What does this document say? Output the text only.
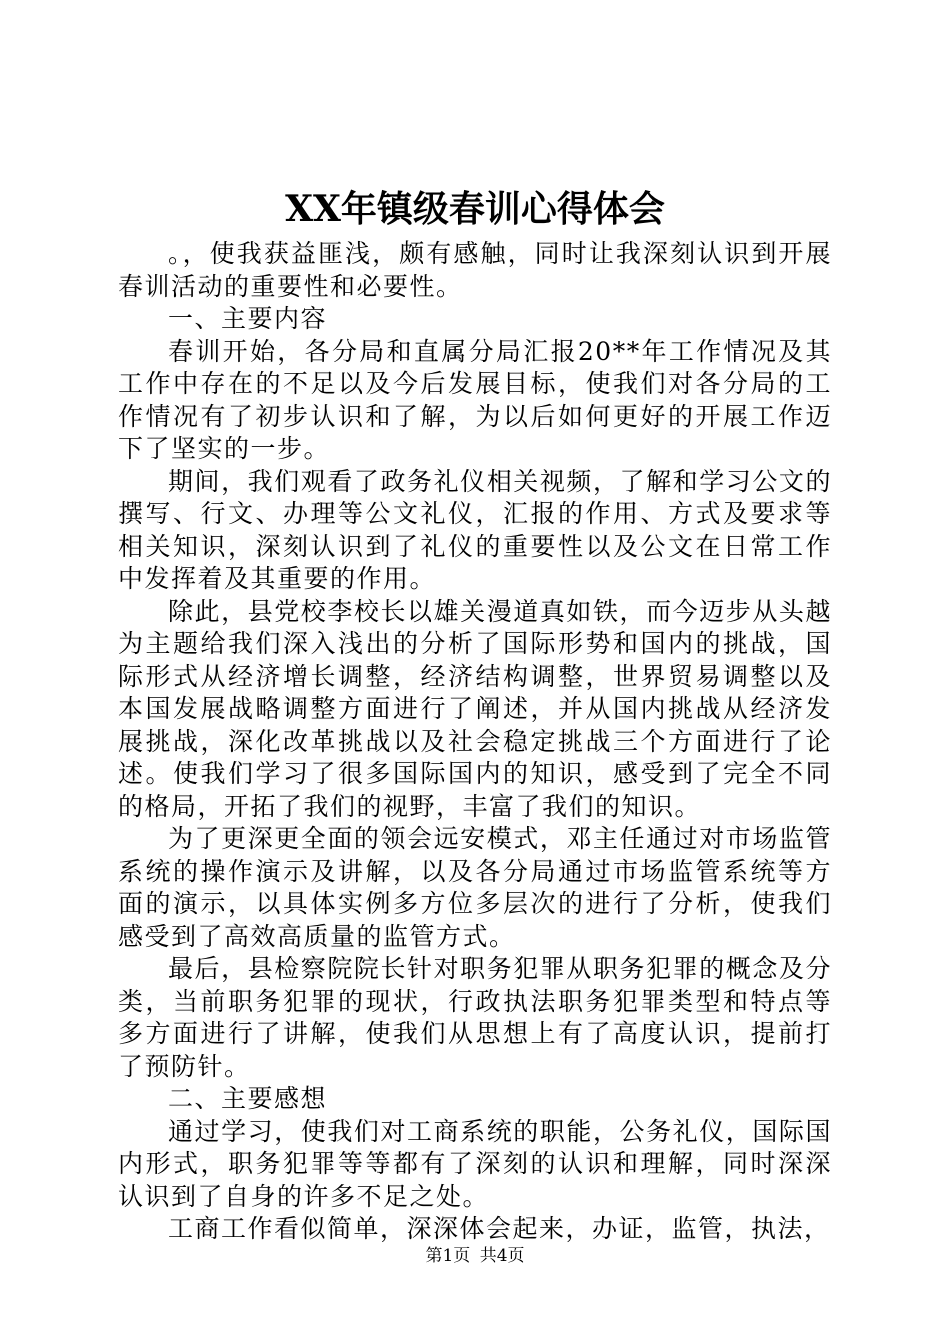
XX年镇级春训心得体会

。，使我获益匪浅，颇有感触，同时让我深刻认识到开展春训活动的重要性和必要性。

一、主要内容

春训开始，各分局和直属分局汇报20**年工作情况及其工作中存在的不足以及今后发展目标，使我们对各分局的工作情况有了初步认识和了解，为以后如何更好的开展工作迈下了坚实的一步。

期间，我们观看了政务礼仪相关视频，了解和学习公文的撰写、行文、办理等公文礼仪，汇报的作用、方式及要求等相关知识，深刻认识到了礼仪的重要性以及公文在日常工作中发挥着及其重要的作用。

除此，县党校李校长以雄关漫道真如铁，而今迈步从头越为主题给我们深入浅出的分析了国际形势和国内的挑战，国际形式从经济增长调整，经济结构调整，世界贸易调整以及本国发展战略调整方面进行了阐述，并从国内挑战从经济发展挑战，深化改革挑战以及社会稳定挑战三个方面进行了论述。使我们学习了很多国际国内的知识，感受到了完全不同的格局，开拓了我们的视野，丰富了我们的知识。

为了更深更全面的领会远安模式，邓主任通过对市场监管系统的操作演示及讲解，以及各分局通过市场监管系统等方面的演示，以具体实例多方位多层次的进行了分析，使我们感受到了高效高质量的监管方式。

最后，县检察院院长针对职务犯罪从职务犯罪的概念及分类，当前职务犯罪的现状，行政执法职务犯罪类型和特点等多方面进行了讲解，使我们从思想上有了高度认识，提前打了预防针。

二、主要感想

通过学习，使我们对工商系统的职能，公务礼仪，国际国内形式，职务犯罪等等都有了深刻的认识和理解，同时深深认识到了自身的许多不足之处。

工商工作看似简单，深深体会起来，办证，监管，执法，

第1页 共4页
